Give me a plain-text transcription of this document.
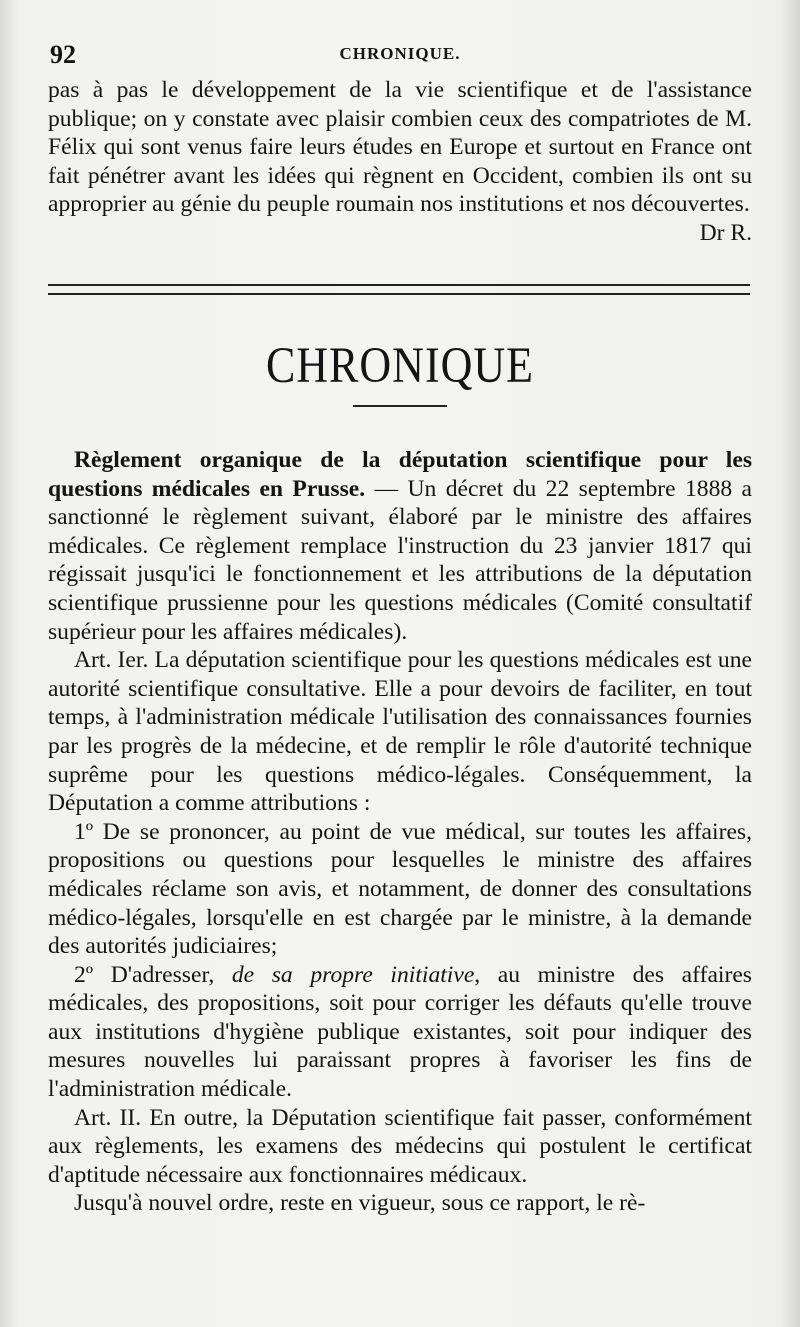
92	CHRONIQUE.

pas à pas le développement de la vie scientifique et de l'assistance publique; on y constate avec plaisir combien ceux des compatriotes de M. Félix qui sont venus faire leurs études en Europe et surtout en France ont fait pénétrer avant les idées qui règnent en Occident, combien ils ont su approprier au génie du peuple roumain nos institutions et nos découvertes.
Dr R.

CHRONIQUE

Règlement organique de la députation scientifique pour les questions médicales en Prusse. — Un décret du 22 septembre 1888 a sanctionné le règlement suivant, élaboré par le ministre des affaires médicales. Ce règlement remplace l'instruction du 23 janvier 1817 qui régissait jusqu'ici le fonctionnement et les attributions de la députation scientifique prussienne pour les questions médicales (Comité consultatif supérieur pour les affaires médicales).

Art. Ier. La députation scientifique pour les questions médicales est une autorité scientifique consultative. Elle a pour devoirs de faciliter, en tout temps, à l'administration médicale l'utilisation des connaissances fournies par les progrès de la médecine, et de remplir le rôle d'autorité technique suprême pour les questions médico-légales. Conséquemment, la Députation a comme attributions :

1º De se prononcer, au point de vue médical, sur toutes les affaires, propositions ou questions pour lesquelles le ministre des affaires médicales réclame son avis, et notamment, de donner des consultations médico-légales, lorsqu'elle en est chargée par le ministre, à la demande des autorités judiciaires;

2º D'adresser, de sa propre initiative, au ministre des affaires médicales, des propositions, soit pour corriger les défauts qu'elle trouve aux institutions d'hygiène publique existantes, soit pour indiquer des mesures nouvelles lui paraissant propres à favoriser les fins de l'administration médicale.

Art. II. En outre, la Députation scientifique fait passer, conformément aux règlements, les examens des médecins qui postulent le certificat d'aptitude nécessaire aux fonctionnaires médicaux.

Jusqu'à nouvel ordre, reste en vigueur, sous ce rapport, le rè-
